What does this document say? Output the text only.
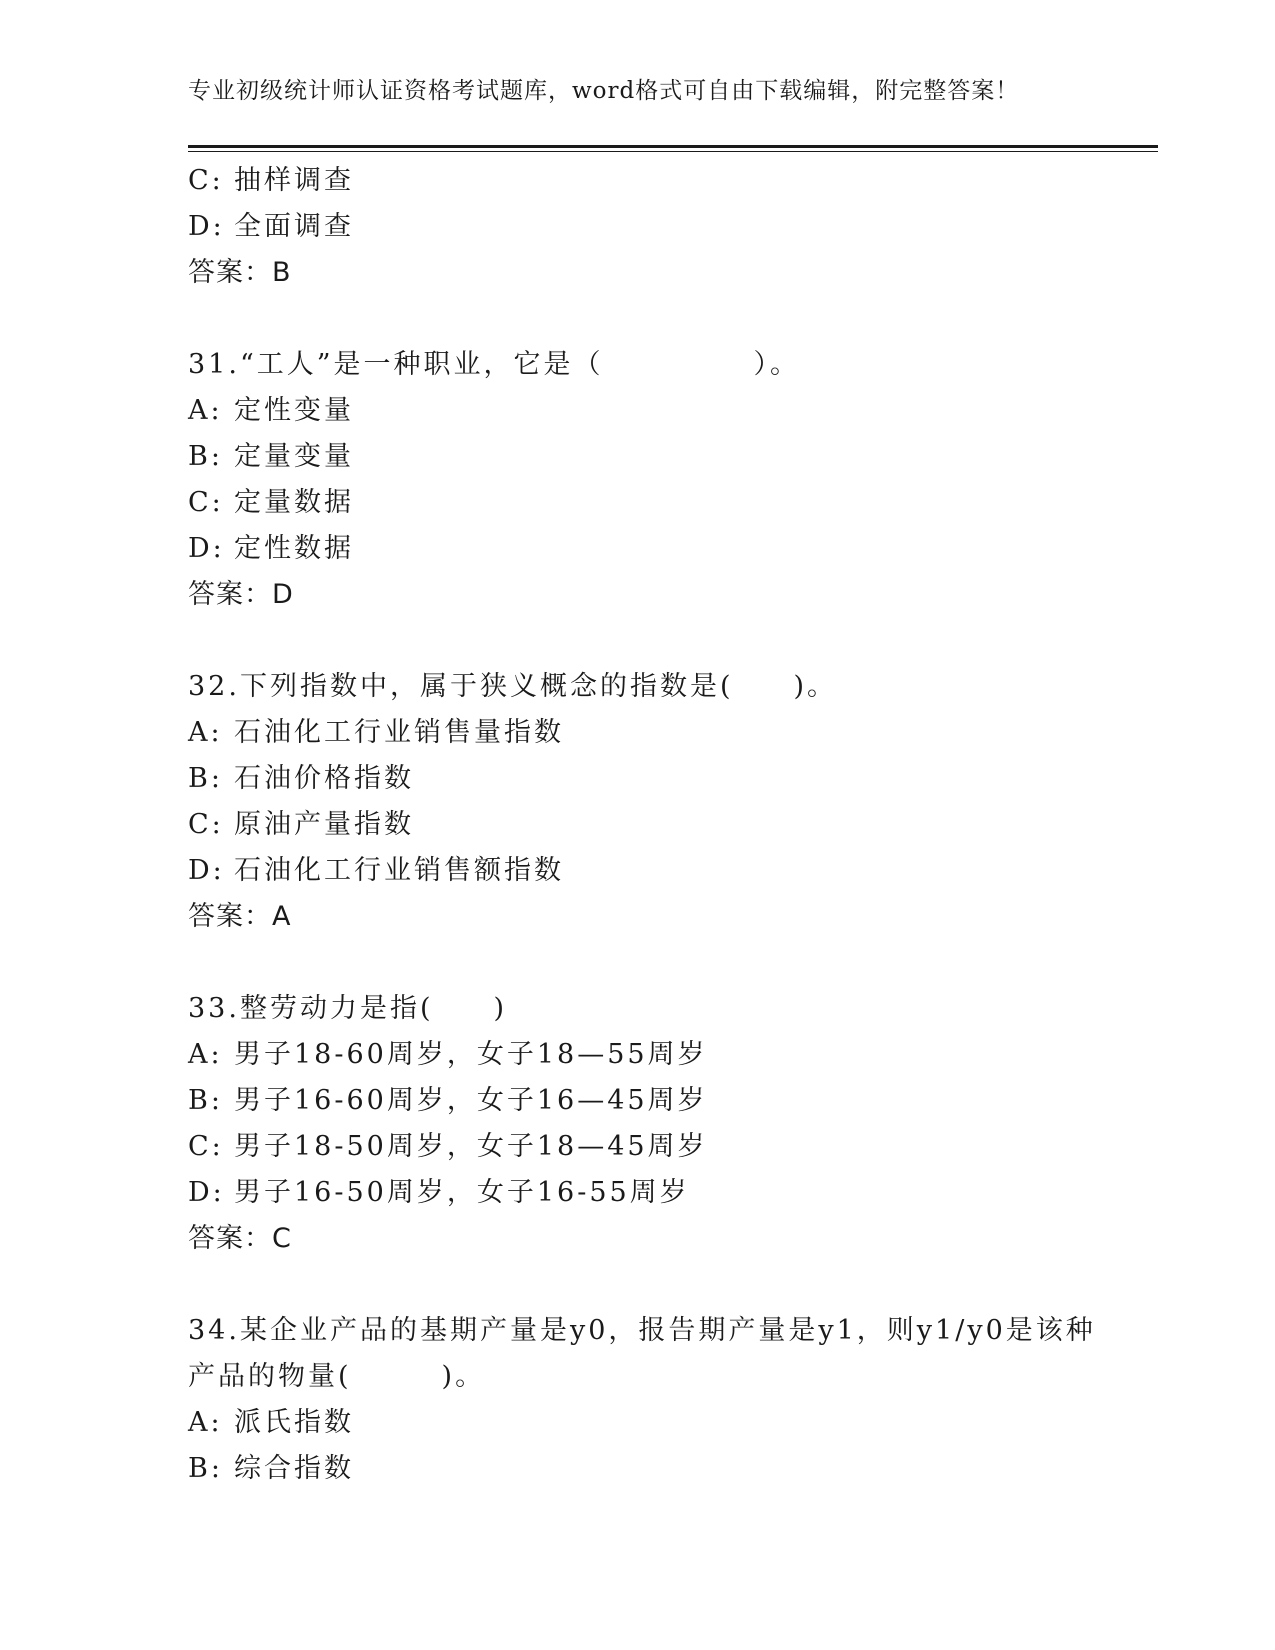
专业初级统计师认证资格考试题库，word格式可自由下载编辑，附完整答案！
C: 抽样调查
D: 全面调查
答案：B
31.“工人”是一种职业，它是（　　　　　）。
A: 定性变量
B: 定量变量
C: 定量数据
D: 定性数据
答案：D
32.下列指数中，属于狭义概念的指数是(　　)。
A: 石油化工行业销售量指数
B: 石油价格指数
C: 原油产量指数
D: 石油化工行业销售额指数
答案：A
33.整劳动力是指(　　)
A: 男子18-60周岁，女子18—55周岁
B: 男子16-60周岁，女子16—45周岁
C: 男子18-50周岁，女子18—45周岁
D: 男子16-50周岁，女子16-55周岁
答案：C
34.某企业产品的基期产量是y0，报告期产量是y1，则y1/y0是该种
产品的物量(　　　)。
A: 派氏指数
B: 综合指数
